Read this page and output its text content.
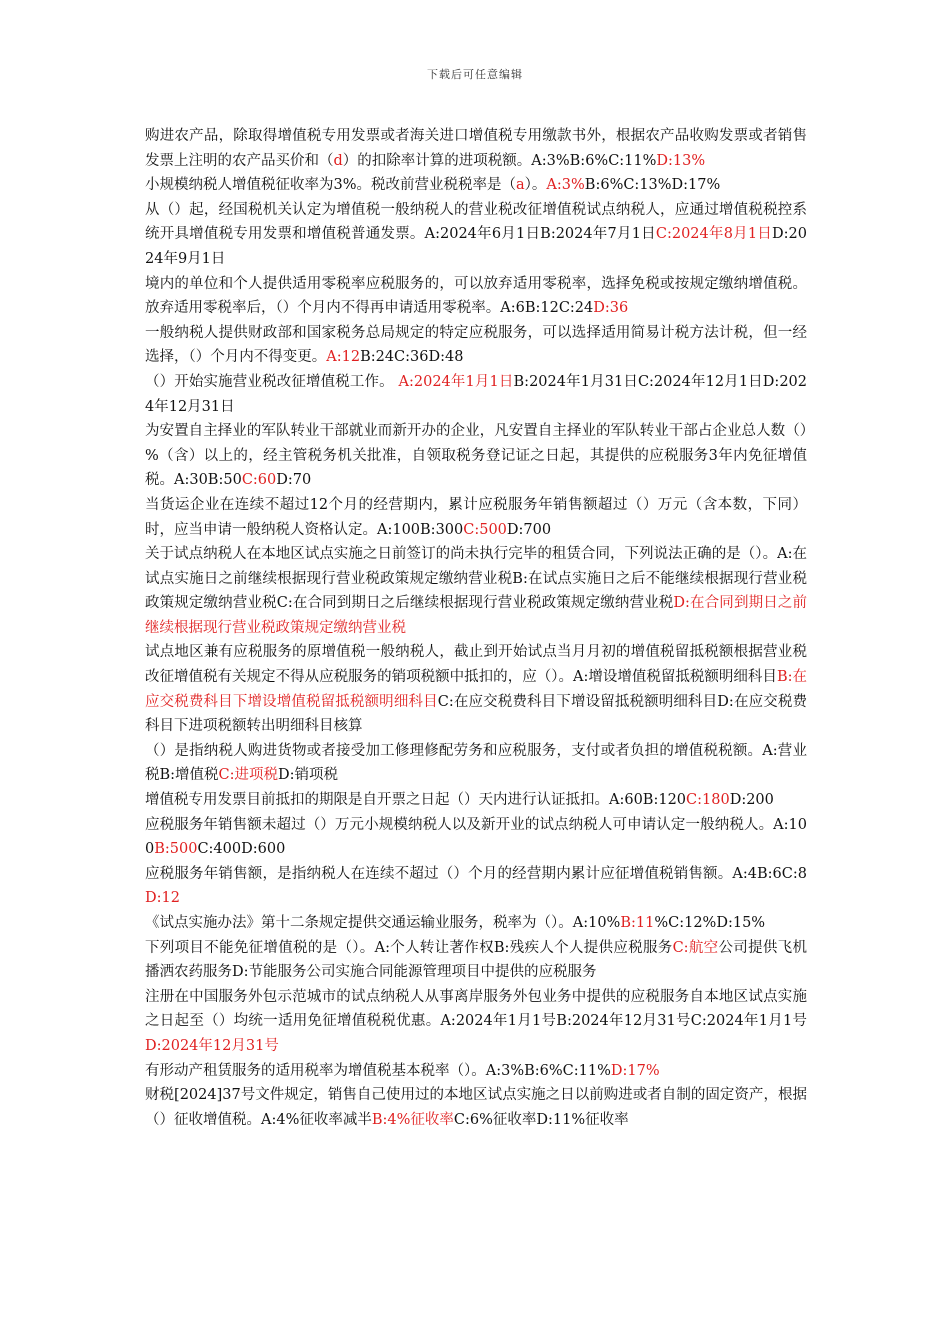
下载后可任意编辑

购进农产品，除取得增值税专用发票或者海关进口增值税专用缴款书外，根据农产品收购发票或者销售发票上注明的农产品买价和（d）的扣除率计算的进项税额。A:3%B:6%C:11%D:13%

小规模纳税人增值税征收率为3%。税改前营业税税率是（a）。A:3%B:6%C:13%D:17%

从（）起，经国税机关认定为增值税一般纳税人的营业税改征增值税试点纳税人，应通过增值税税控系统开具增值税专用发票和增值税普通发票。A:2024年6月1日B:2024年7月1日C:2024年8月1日D:2024年9月1日

境内的单位和个人提供适用零税率应税服务的，可以放弃适用零税率，选择免税或按规定缴纳增值税。放弃适用零税率后，（）个月内不得再申请适用零税率。A:6B:12C:24D:36

一般纳税人提供财政部和国家税务总局规定的特定应税服务，可以选择适用简易计税方法计税，但一经选择，（）个月内不得变更。A:12B:24C:36D:48

（）开始实施营业税改征增值税工作。 A:2024年1月1日B:2024年1月31日C:2024年12月1日D:2024年12月31日

为安置自主择业的军队转业干部就业而新开办的企业，凡安置自主择业的军队转业干部占企业总人数（）%（含）以上的，经主管税务机关批准，自领取税务登记证之日起，其提供的应税服务3年内免征增值税。A:30B:50C:60D:70

当货运企业在连续不超过12个月的经营期内，累计应税服务年销售额超过（）万元（含本数，下同）时，应当申请一般纳税人资格认定。A:100B:300C:500D:700

关于试点纳税人在本地区试点实施之日前签订的尚未执行完毕的租赁合同，下列说法正确的是（）。A:在试点实施日之前继续根据现行营业税政策规定缴纳营业税B:在试点实施日之后不能继续根据现行营业税政策规定缴纳营业税C:在合同到期日之后继续根据现行营业税政策规定缴纳营业税D:在合同到期日之前继续根据现行营业税政策规定缴纳营业税

试点地区兼有应税服务的原增值税一般纳税人，截止到开始试点当月月初的增值税留抵税额根据营业税改征增值税有关规定不得从应税服务的销项税额中抵扣的，应（）。A:增设增值税留抵税额明细科目B:在应交税费科目下增设增值税留抵税额明细科目C:在应交税费科目下增设留抵税额明细科目D:在应交税费科目下进项税额转出明细科目核算

（）是指纳税人购进货物或者接受加工修理修配劳务和应税服务，支付或者负担的增值税税额。A:营业税B:增值税C:进项税D:销项税

增值税专用发票目前抵扣的期限是自开票之日起（）天内进行认证抵扣。A:60B:120C:180D:200

应税服务年销售额未超过（）万元小规模纳税人以及新开业的试点纳税人可申请认定一般纳税人。A:100B:500C:400D:600

应税服务年销售额，是指纳税人在连续不超过（）个月的经营期内累计应征增值税销售额。A:4B:6C:8D:12

《试点实施办法》第十二条规定提供交通运输业服务，税率为（）。A:10%B:11%C:12%D:15%

下列项目不能免征增值税的是（）。A:个人转让著作权B:残疾人个人提供应税服务C:航空公司提供飞机播洒农药服务D:节能服务公司实施合同能源管理项目中提供的应税服务

注册在中国服务外包示范城市的试点纳税人从事离岸服务外包业务中提供的应税服务自本地区试点实施之日起至（）均统一适用免征增值税税优惠。A:2024年1月1号B:2024年12月31号C:2024年1月1号D:2024年12月31号

有形动产租赁服务的适用税率为增值税基本税率（）。A:3%B:6%C:11%D:17%

财税[2024]37号文件规定，销售自己使用过的本地区试点实施之日以前购进或者自制的固定资产，根据（）征收增值税。A:4%征收率减半B:4%征收率C:6%征收率D:11%征收率
